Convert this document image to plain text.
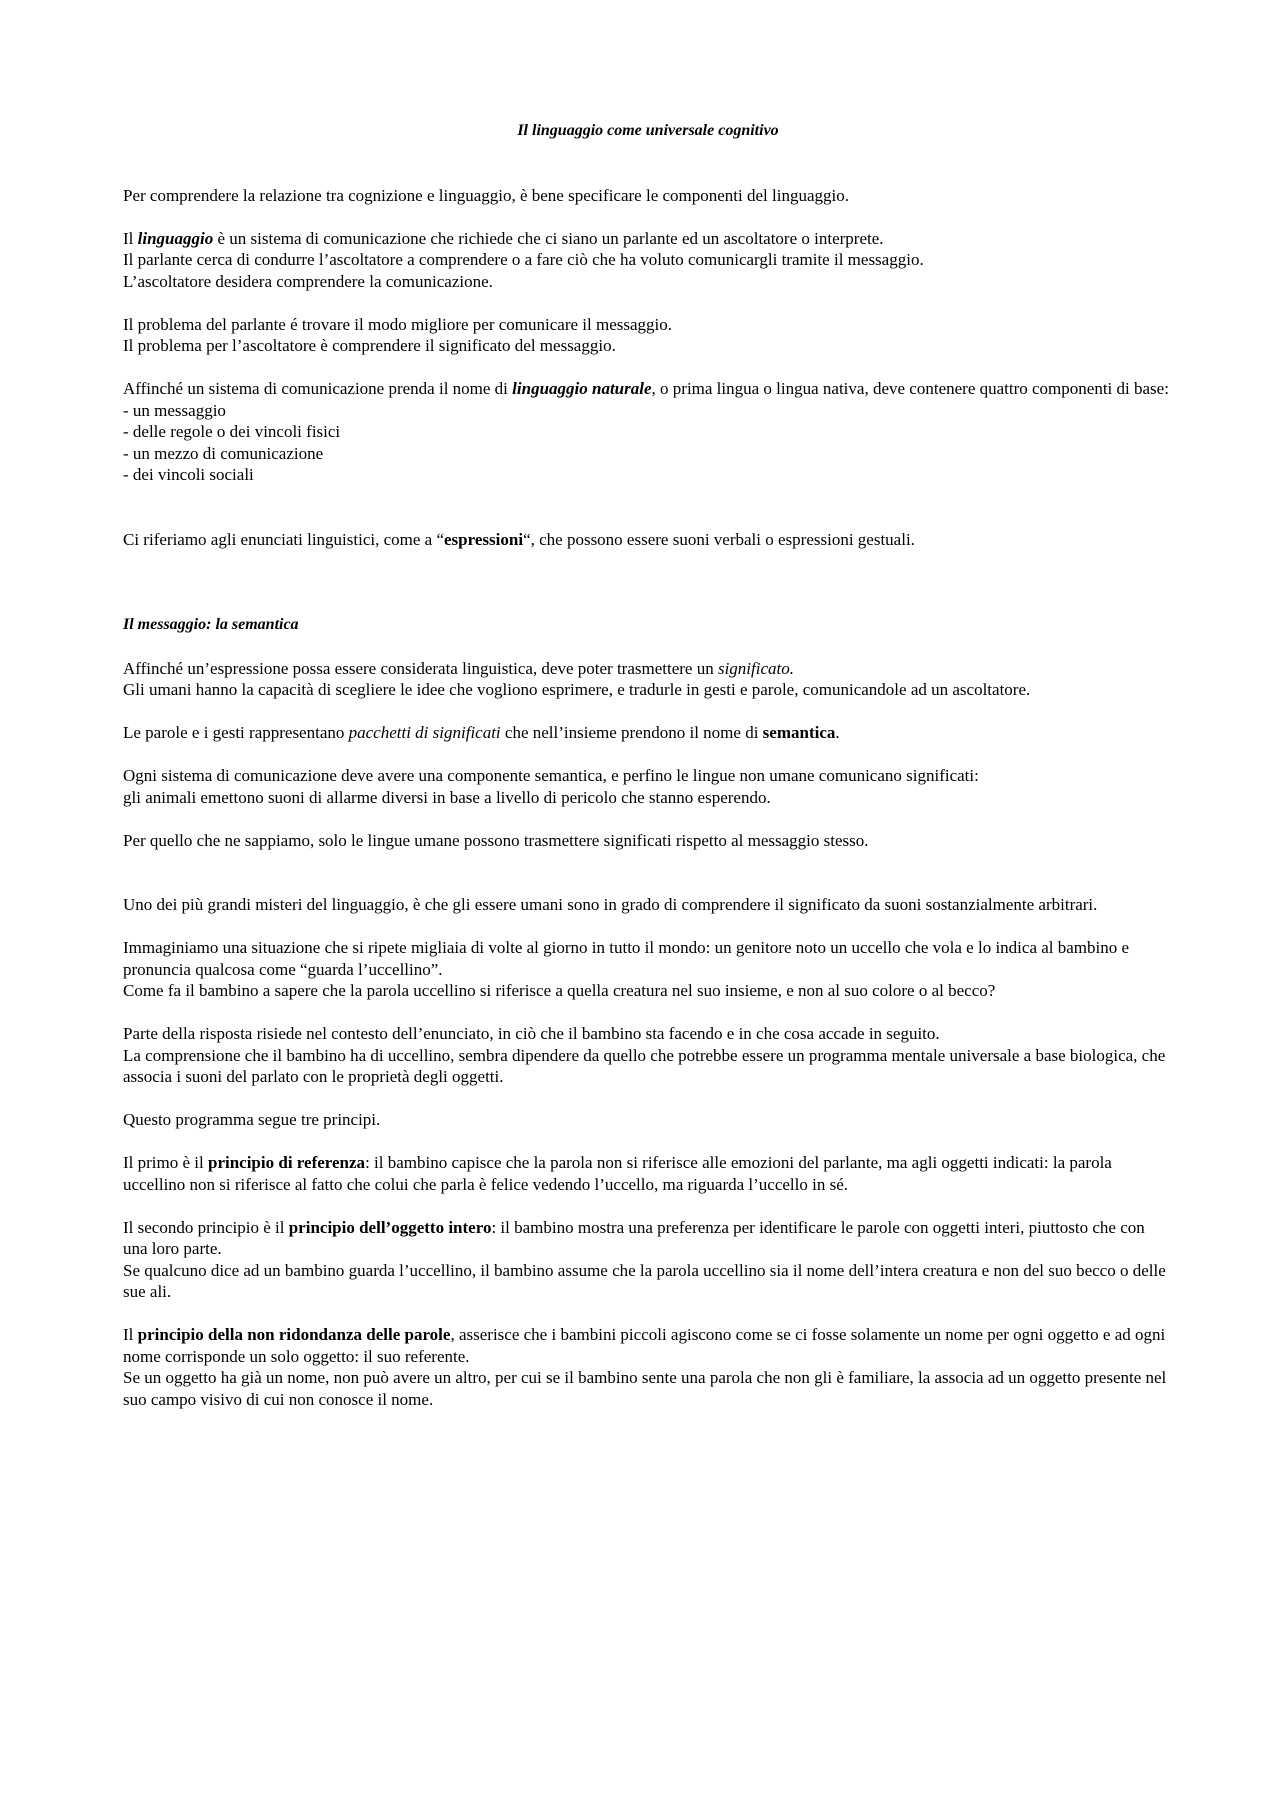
Il linguaggio come universale cognitivo

Per comprendere la relazione tra cognizione e linguaggio, è bene specificare le componenti del linguaggio.

Il linguaggio è un sistema di comunicazione che richiede che ci siano un parlante ed un ascoltatore o interprete.
Il parlante cerca di condurre l’ascoltatore a comprendere o a fare ciò che ha voluto comunicargli tramite il messaggio.
L’ascoltatore desidera comprendere la comunicazione.

Il problema del parlante é trovare il modo migliore per comunicare il messaggio.
Il problema per l’ascoltatore è comprendere il significato del messaggio.

Affinché un sistema di comunicazione prenda il nome di linguaggio naturale, o prima lingua o lingua nativa, deve contenere quattro componenti di base:
- un messaggio
- delle regole o dei vincoli fisici
- un mezzo di comunicazione
- dei vincoli sociali

Ci riferiamo agli enunciati linguistici, come a “espressioni“, che possono essere suoni verbali o espressioni gestuali.

Il messaggio: la semantica

Affinché un’espressione possa essere considerata linguistica, deve poter trasmettere un significato.
Gli umani hanno la capacità di scegliere le idee che vogliono esprimere, e tradurle in gesti e parole, comunicandole ad un ascoltatore.

Le parole e i gesti rappresentano pacchetti di significati che nell’insieme prendono il nome di semantica.

Ogni sistema di comunicazione deve avere una componente semantica, e perfino le lingue non umane comunicano significati:
gli animali emettono suoni di allarme diversi in base a livello di pericolo che stanno esperendo.

Per quello che ne sappiamo, solo le lingue umane possono trasmettere significati rispetto al messaggio stesso.

Uno dei più grandi misteri del linguaggio, è che gli essere umani sono in grado di comprendere il significato da suoni sostanzialmente arbitrari.

Immaginiamo una situazione che si ripete migliaia di volte al giorno in tutto il mondo: un genitore noto un uccello che vola e lo indica al bambino e pronuncia qualcosa come “guarda l’uccellino”.
Come fa il bambino a sapere che la parola uccellino si riferisce a quella creatura nel suo insieme, e non al suo colore o al becco?

Parte della risposta risiede nel contesto dell’enunciato, in ciò che il bambino sta facendo e in che cosa accade in seguito.
La comprensione che il bambino ha di uccellino, sembra dipendere da quello che potrebbe essere un programma mentale universale a base biologica, che associa i suoni del parlato con le proprietà degli oggetti.

Questo programma segue tre principi.

Il primo è il principio di referenza: il bambino capisce che la parola non si riferisce alle emozioni del parlante, ma agli oggetti indicati: la parola uccellino non si riferisce al fatto che colui che parla è felice vedendo l’uccello, ma riguarda l’uccello in sé.

Il secondo principio è il principio dell’oggetto intero: il bambino mostra una preferenza per identificare le parole con oggetti interi, piuttosto che con una loro parte.
Se qualcuno dice ad un bambino guarda l’uccellino, il bambino assume che la parola uccellino sia il nome dell’intera creatura e non del suo becco o delle sue ali.

Il principio della non ridondanza delle parole, asserisce che i bambini piccoli agiscono come se ci fosse solamente un nome per ogni oggetto e ad ogni nome corrisponde un solo oggetto: il suo referente.
Se un oggetto ha già un nome, non può avere un altro, per cui se il bambino sente una parola che non gli è familiare, la associa ad un oggetto presente nel suo campo visivo di cui non conosce il nome.
